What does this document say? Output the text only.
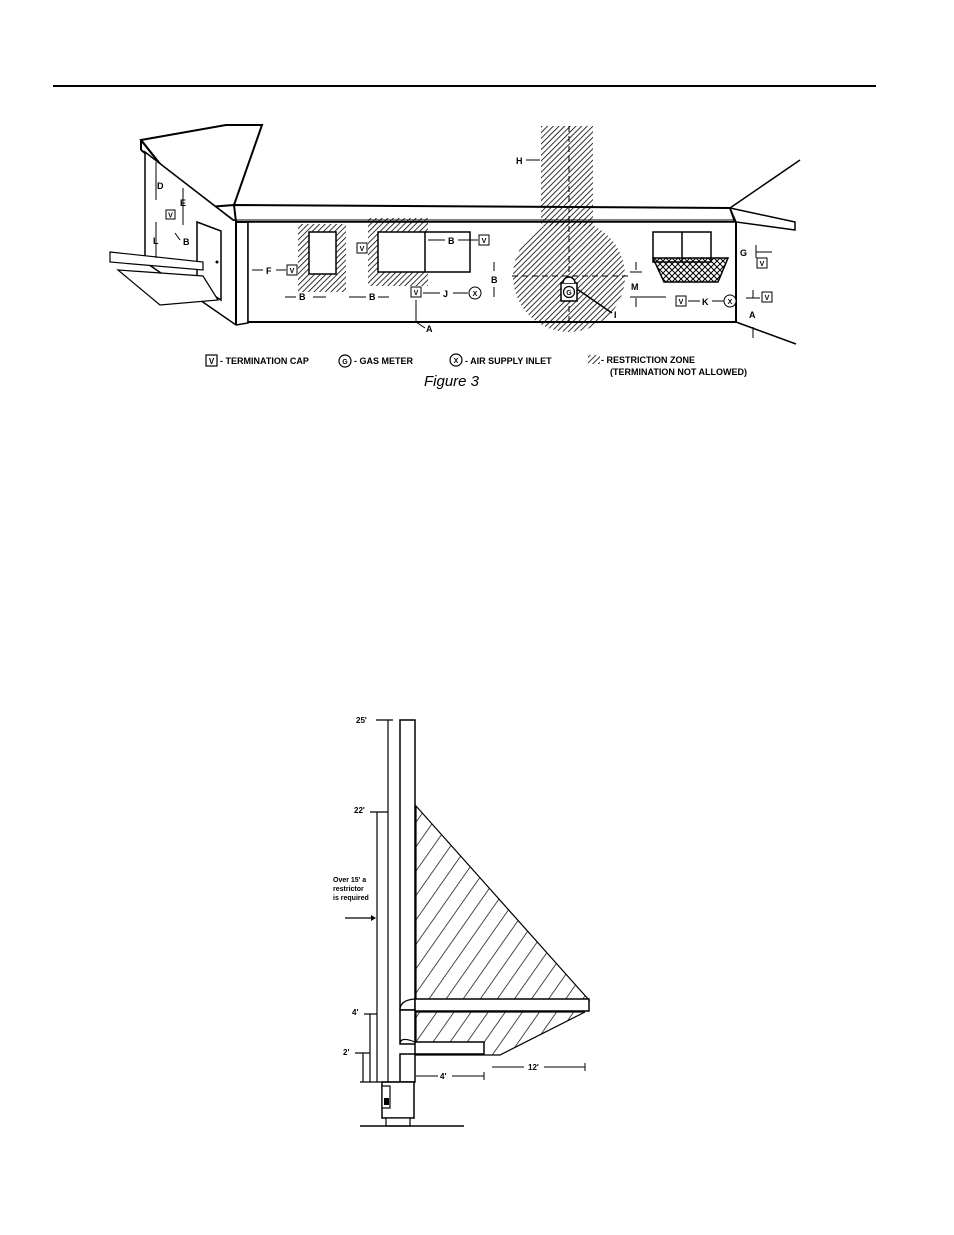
G
D
E
V
L	B
F	V
B	B
V
B	V
B
V	J	X
A
H
I
M
V K	X
G
V
V
A
V - TERMINATION CAP	G - GAS METER	X - AIR SUPPLY INLET	- RESTRICTION ZONE
(TERMINATION NOT ALLOWED)
Figure 3
25'
22'
4'
2'
Over 15' a
restrictor
is required
4'
12'
